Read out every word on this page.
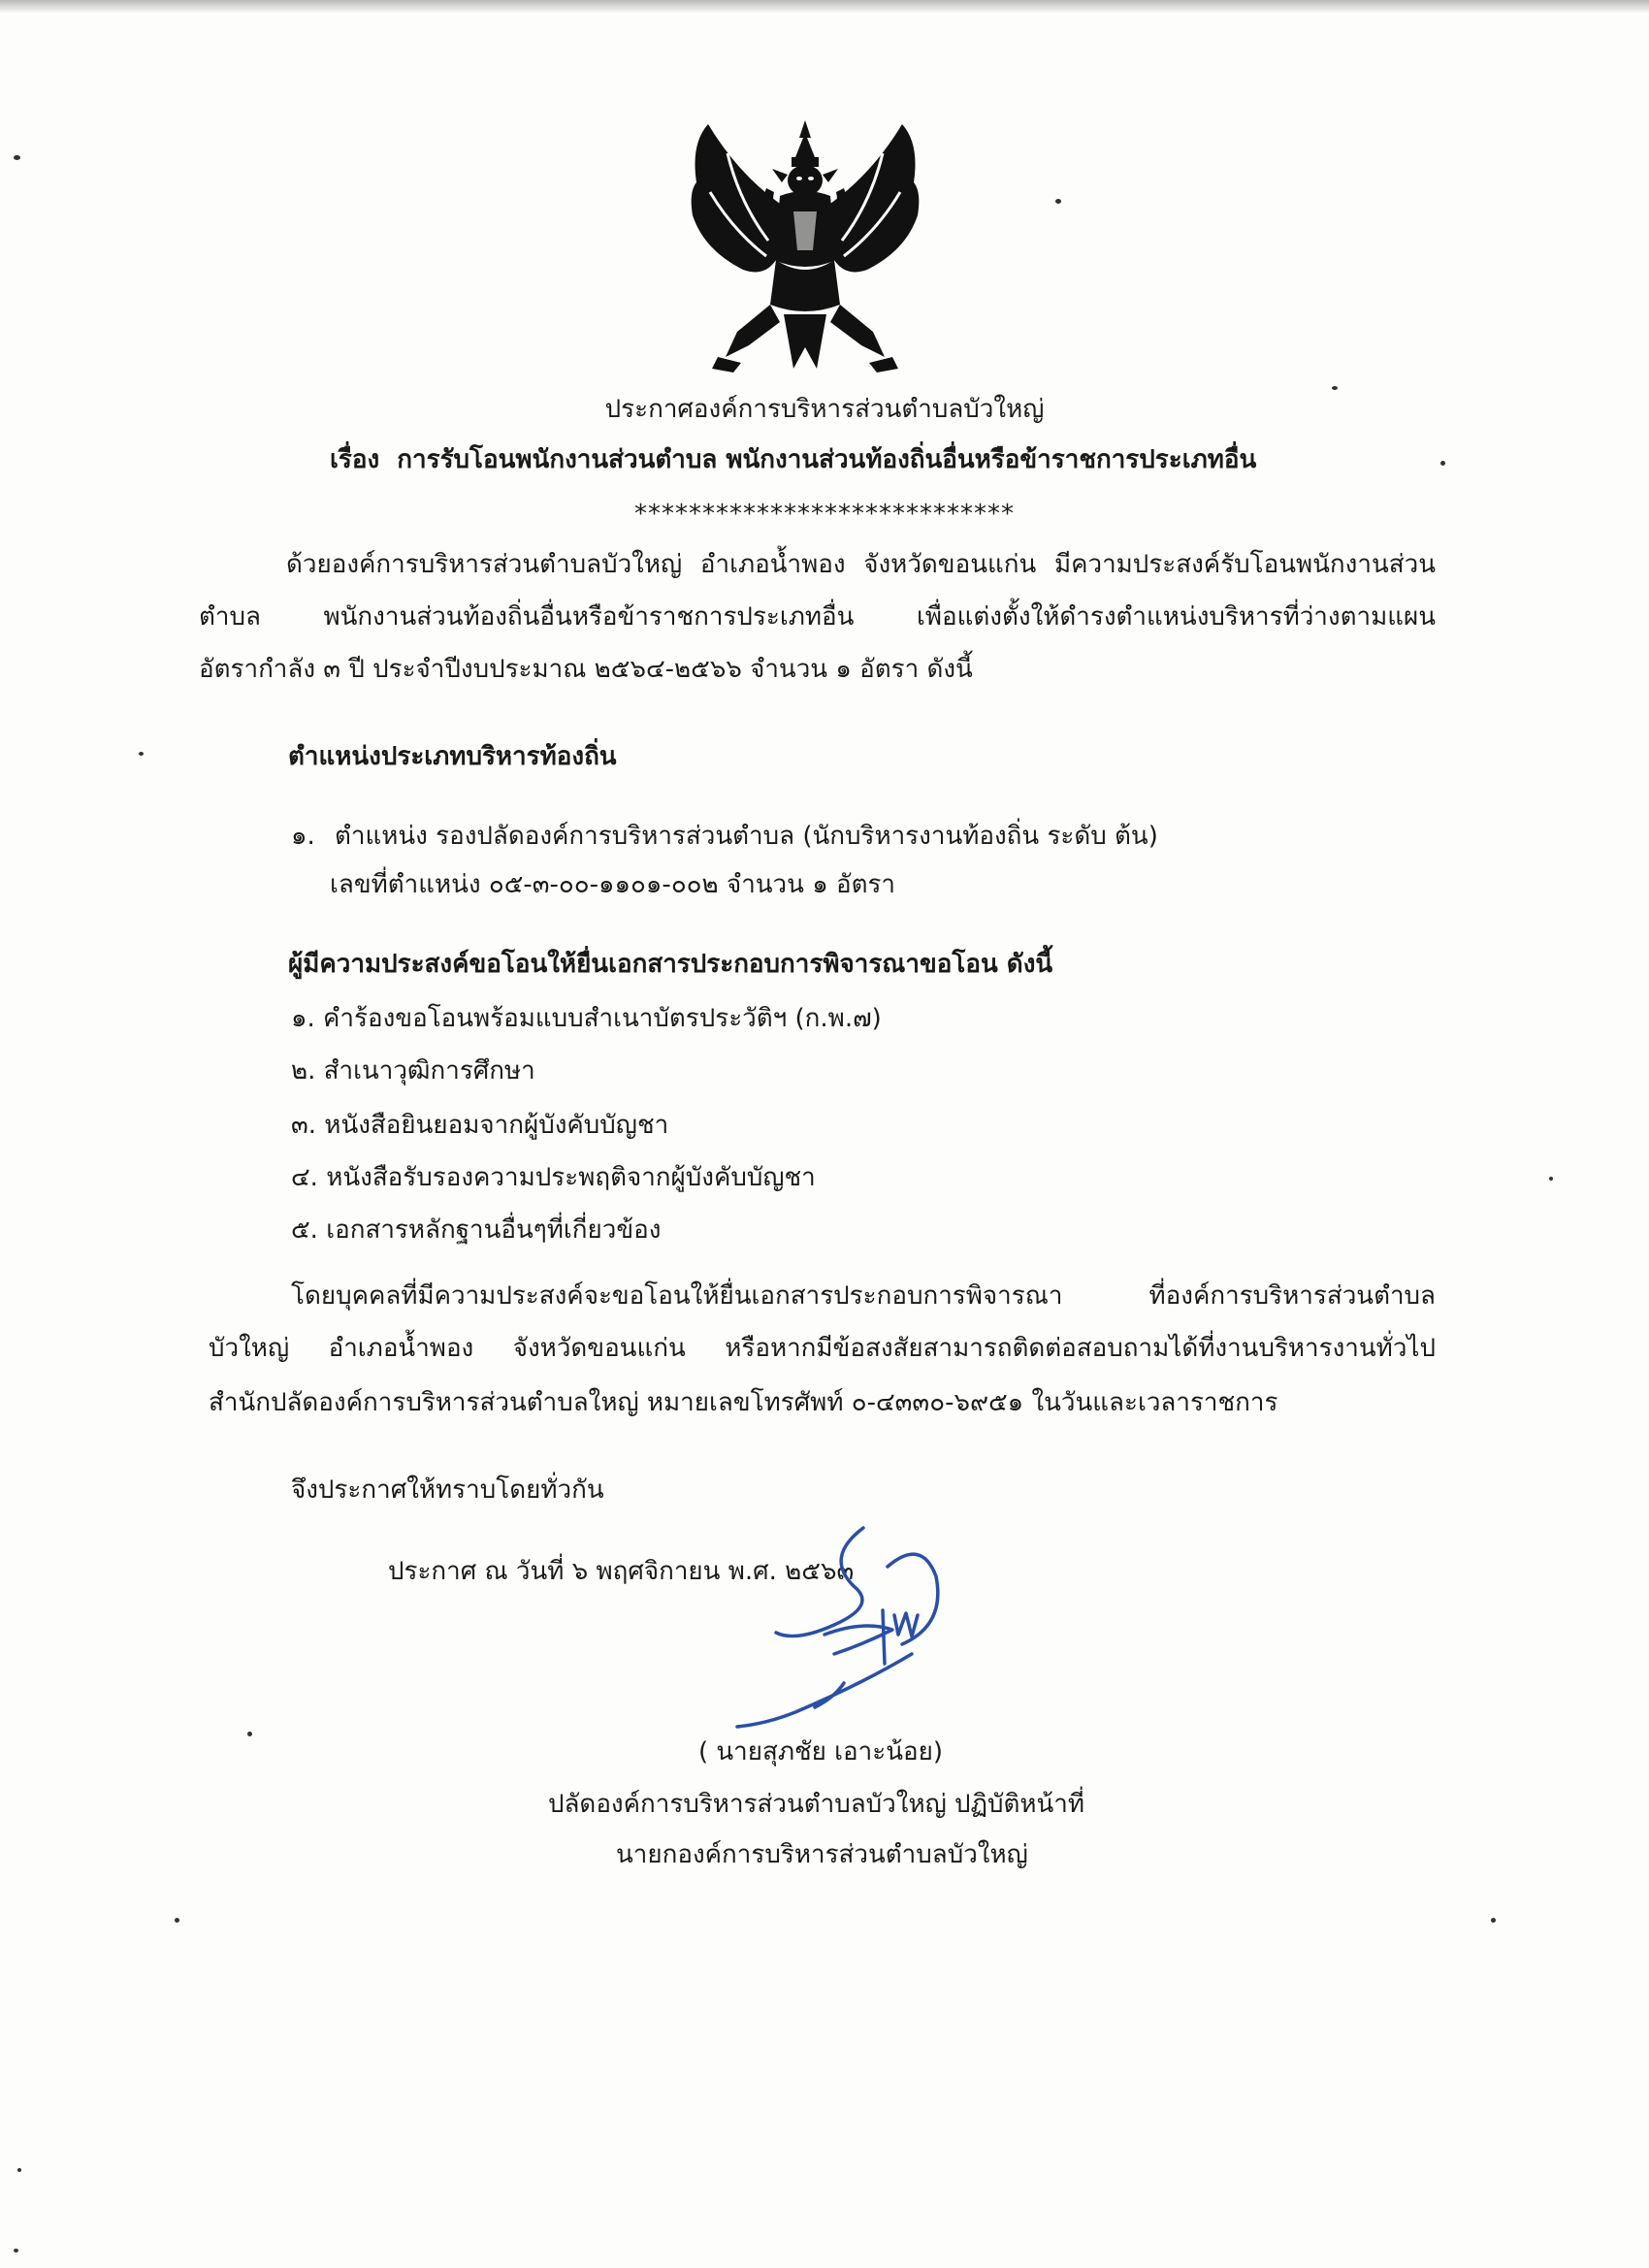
ประกาศองค์การบริหารส่วนตำบลบัวใหญ่
เรื่อง การรับโอนพนักงานส่วนตำบล พนักงานส่วนท้องถิ่นอื่นหรือข้าราชการประเภทอื่น
****************************
ด้วยองค์การบริหารส่วนตำบลบัวใหญ่ อำเภอน้ำพอง จังหวัดขอนแก่น มีความประสงค์รับโอนพนักงานส่วน
ตำบล พนักงานส่วนท้องถิ่นอื่นหรือข้าราชการประเภทอื่น เพื่อแต่งตั้งให้ดำรงตำแหน่งบริหารที่ว่างตามแผน
อัตรากำลัง ๓ ปี ประจำปีงบประมาณ ๒๕๖๔-๒๕๖๖ จำนวน ๑ อัตรา ดังนี้
ตำแหน่งประเภทบริหารท้องถิ่น
๑. ตำแหน่ง รองปลัดองค์การบริหารส่วนตำบล (นักบริหารงานท้องถิ่น ระดับ ต้น)
เลขที่ตำแหน่ง ๐๕-๓-๐๐-๑๑๐๑-๐๐๒ จำนวน ๑ อัตรา
ผู้มีความประสงค์ขอโอนให้ยื่นเอกสารประกอบการพิจารณาขอโอน ดังนี้
๑. คำร้องขอโอนพร้อมแบบสำเนาบัตรประวัติฯ (ก.พ.๗)
๒. สำเนาวุฒิการศึกษา
๓. หนังสือยินยอมจากผู้บังคับบัญชา
๔. หนังสือรับรองความประพฤติจากผู้บังคับบัญชา
๕. เอกสารหลักฐานอื่นๆที่เกี่ยวข้อง
โดยบุคคลที่มีความประสงค์จะขอโอนให้ยื่นเอกสารประกอบการพิจารณา ที่องค์การบริหารส่วนตำบล
บัวใหญ่ อำเภอน้ำพอง จังหวัดขอนแก่น หรือหากมีข้อสงสัยสามารถติดต่อสอบถามได้ที่งานบริหารงานทั่วไป
สำนักปลัดองค์การบริหารส่วนตำบลใหญ่ หมายเลขโทรศัพท์ ๐-๔๓๓๐-๖๙๕๑ ในวันและเวลาราชการ
จึงประกาศให้ทราบโดยทั่วกัน
ประกาศ ณ วันที่ ๖ พฤศจิกายน พ.ศ. ๒๕๖๓
( นายสุภชัย เอาะน้อย)
ปลัดองค์การบริหารส่วนตำบลบัวใหญ่ ปฏิบัติหน้าที่
นายกองค์การบริหารส่วนตำบลบัวใหญ่
